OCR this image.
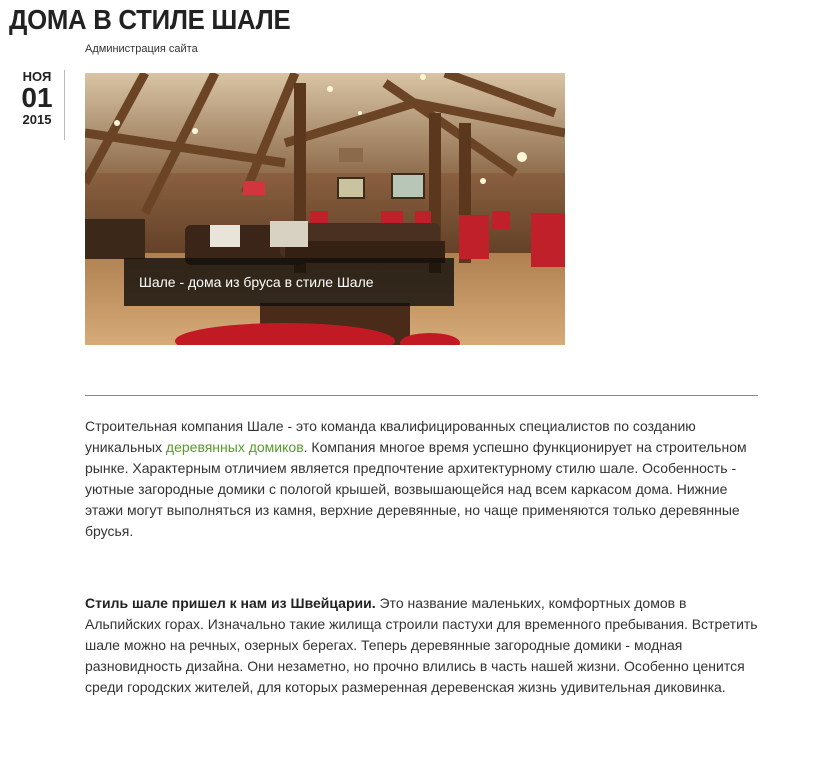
ДОМА В СТИЛЕ ШАЛЕ
Администрация сайта
НОЯ
01
2015
Шале - дома из бруса в стиле Шале
Строительная компания Шале - это команда квалифицированных специалистов по созданию уникальных деревянных домиков. Компания многое время успешно функционирует на строительном рынке. Характерным отличием является предпочтение архитектурному стилю шале. Особенность - уютные загородные домики с пологой крышей, возвышающейся над всем каркасом дома. Нижние этажи могут выполняться из камня, верхние деревянные, но чаще применяются только деревянные брусья.
Стиль шале пришел к нам из Швейцарии. Это название маленьких, комфортных домов в Альпийских горах. Изначально такие жилища строили пастухи для временного пребывания. Встретить шале можно на речных, озерных берегах. Теперь деревянные загородные домики - модная разновидность дизайна. Они незаметно, но прочно влились в часть нашей жизни. Особенно ценится среди городских жителей, для которых размеренная деревенская жизнь удивительная диковинка.
